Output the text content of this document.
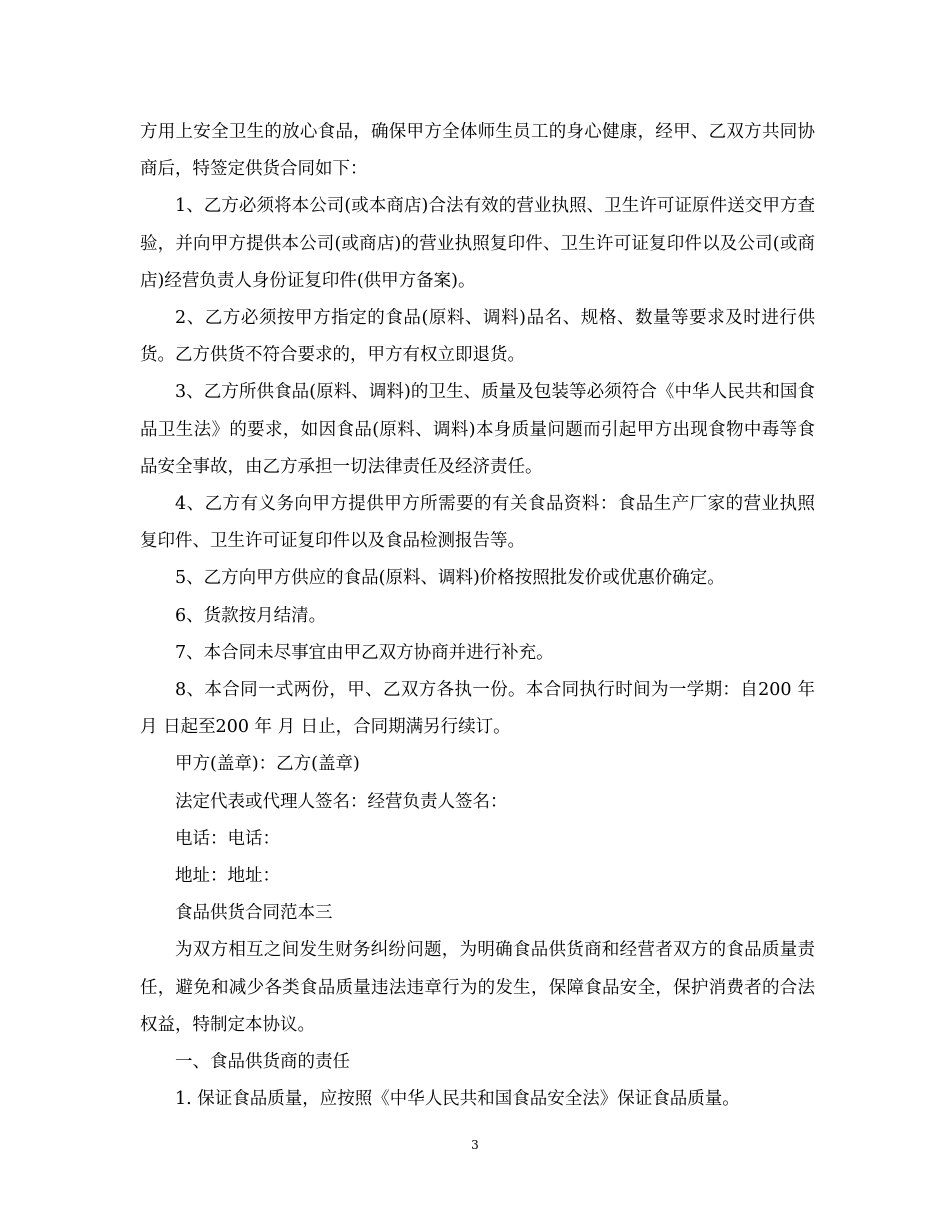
方用上安全卫生的放心食品，确保甲方全体师生员工的身心健康，经甲、乙双方共同协商后，特签定供货合同如下：

1、乙方必须将本公司(或本商店)合法有效的营业执照、卫生许可证原件送交甲方查验，并向甲方提供本公司(或商店)的营业执照复印件、卫生许可证复印件以及公司(或商店)经营负责人身份证复印件(供甲方备案)。

2、乙方必须按甲方指定的食品(原料、调料)品名、规格、数量等要求及时进行供货。乙方供货不符合要求的，甲方有权立即退货。

3、乙方所供食品(原料、调料)的卫生、质量及包装等必须符合《中华人民共和国食品卫生法》的要求，如因食品(原料、调料)本身质量问题而引起甲方出现食物中毒等食品安全事故，由乙方承担一切法律责任及经济责任。

4、乙方有义务向甲方提供甲方所需要的有关食品资料：食品生产厂家的营业执照复印件、卫生许可证复印件以及食品检测报告等。

5、乙方向甲方供应的食品(原料、调料)价格按照批发价或优惠价确定。

6、货款按月结清。

7、本合同未尽事宜由甲乙双方协商并进行补充。

8、本合同一式两份，甲、乙双方各执一份。本合同执行时间为一学期：自200 年 月 日起至200 年 月 日止，合同期满另行续订。

甲方(盖章)：乙方(盖章)

法定代表或代理人签名：经营负责人签名：

电话：电话：

地址：地址：

食品供货合同范本三

为双方相互之间发生财务纠纷问题，为明确食品供货商和经营者双方的食品质量责任，避免和减少各类食品质量违法违章行为的发生，保障食品安全，保护消费者的合法权益，特制定本协议。

一、食品供货商的责任

1. 保证食品质量，应按照《中华人民共和国食品安全法》保证食品质量。

3
